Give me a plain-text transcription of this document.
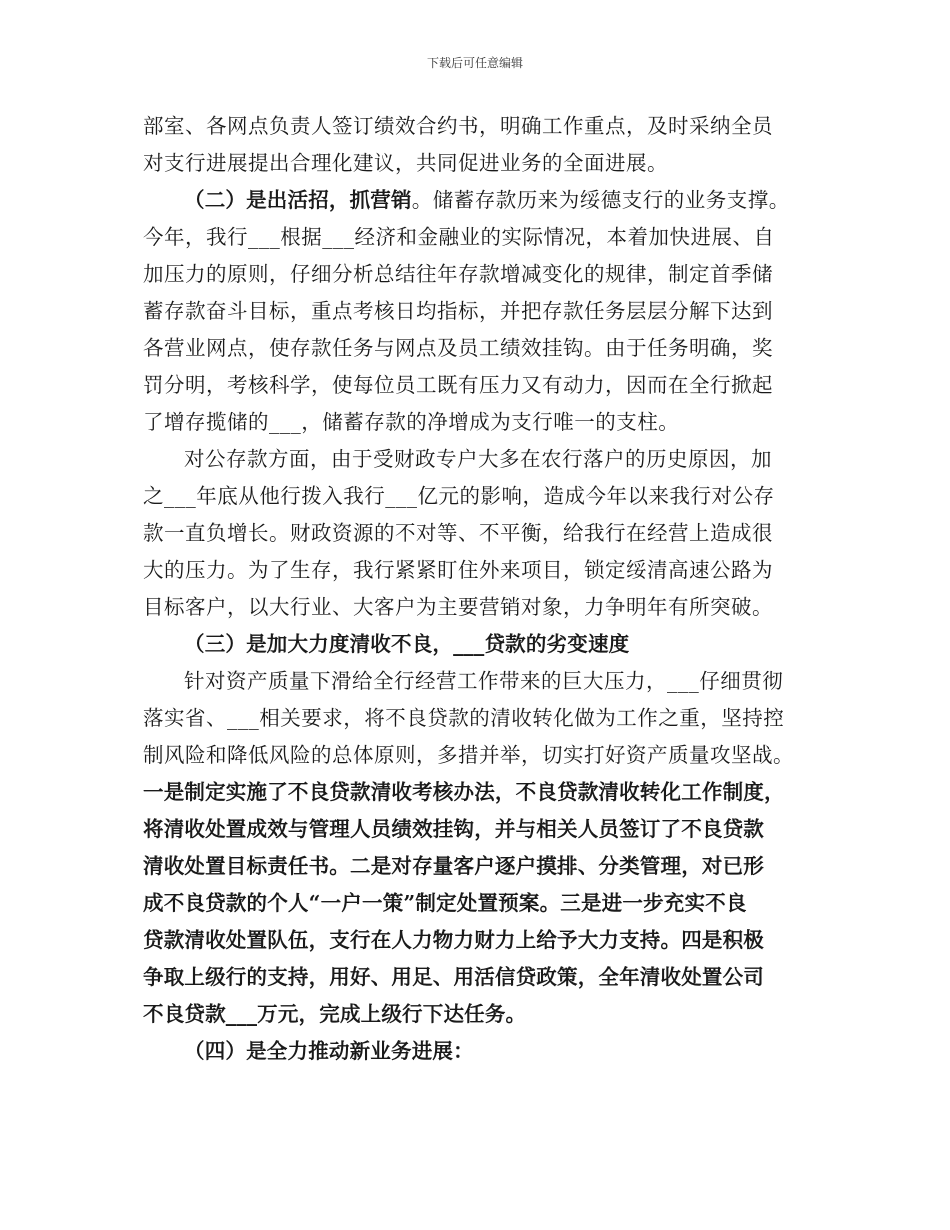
下载后可任意编辑
部室、各网点负责人签订绩效合约书，明确工作重点，及时采纳全员
对支行进展提出合理化建议，共同促进业务的全面进展。
（二）是出活招，抓营销。储蓄存款历来为绥德支行的业务支撑。
今年，我行___根据___经济和金融业的实际情况，本着加快进展、自
加压力的原则，仔细分析总结往年存款增减变化的规律，制定首季储
蓄存款奋斗目标，重点考核日均指标，并把存款任务层层分解下达到
各营业网点，使存款任务与网点及员工绩效挂钩。由于任务明确，奖
罚分明，考核科学，使每位员工既有压力又有动力，因而在全行掀起
了增存揽储的___，储蓄存款的净增成为支行唯一的支柱。
对公存款方面，由于受财政专户大多在农行落户的历史原因，加
之___年底从他行拨入我行___亿元的影响，造成今年以来我行对公存
款一直负增长。财政资源的不对等、不平衡，给我行在经营上造成很
大的压力。为了生存，我行紧紧盯住外来项目，锁定绥清高速公路为
目标客户，以大行业、大客户为主要营销对象，力争明年有所突破。
（三）是加大力度清收不良，___贷款的劣变速度
针对资产质量下滑给全行经营工作带来的巨大压力，___仔细贯彻
落实省、___相关要求，将不良贷款的清收转化做为工作之重，坚持控
制风险和降低风险的总体原则，多措并举，切实打好资产质量攻坚战。
一是制定实施了不良贷款清收考核办法，不良贷款清收转化工作制度，
将清收处置成效与管理人员绩效挂钩，并与相关人员签订了不良贷款
清收处置目标责任书。二是对存量客户逐户摸排、分类管理，对已形
成不良贷款的个人“一户一策”制定处置预案。三是进一步充实不良
贷款清收处置队伍，支行在人力物力财力上给予大力支持。四是积极
争取上级行的支持，用好、用足、用活信贷政策，全年清收处置公司
不良贷款___万元，完成上级行下达任务。
（四）是全力推动新业务进展：
